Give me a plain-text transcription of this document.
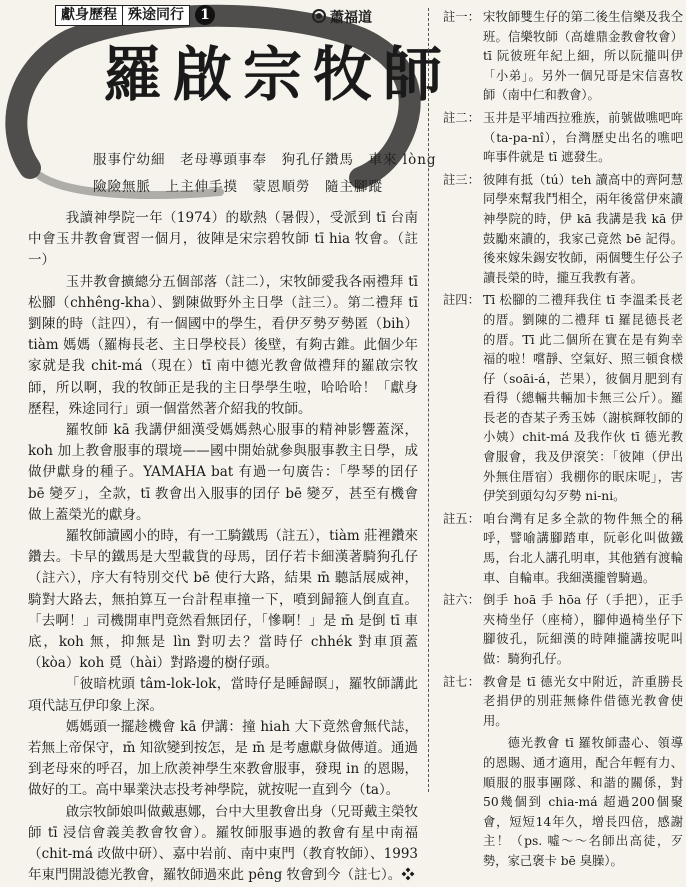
獻身歷程 殊途同行	1	蕭福道
羅啟宗牧師
服事佇幼細　老母導頭事奉　狗孔仔鑽馬　車來 lòng
險險無脈　上主伸手摸　蒙恩順勞　隨主腳蹤

我讀神學院一年（1974）的歇熱（暑假），受派到 tī 台南中會玉井教會實習一個月，彼陣是宋宗碧牧師 tī hia 牧會。（註一）

玉井教會擴總分五個部落（註二），宋牧師愛我各兩禮拜 tī 松腳（chhêng-kha）、劉陳做野外主日學（註三）。第二禮拜 tī 劉陳的時（註四），有一個國中的學生，看伊歹勢歹勢匿（bih）tiàm 媽媽（羅梅長老、主日學校長）後壁，有夠古錐。此個少年家就是我 chit-má（現在）tī 南中德光教會做禮拜的羅啟宗牧師，所以啊，我的牧師正是我的主日學學生啦，哈哈哈！「獻身歷程，殊途同行」頭一個當然著介紹我的牧師。

羅牧師 kā 我講伊細漢受媽媽熱心服事的精神影響蓋深，koh 加上教會服事的環境——國中開始就參與服事教主日學，成做伊獻身的種子。YAMAHA bat 有過一句廣告：「學琴的囝仔 bē 變歹」，全款，tī 教會出入服事的囝仔 bē 變歹，甚至有機會做上蓋榮光的獻身。

羅牧師讀國小的時，有一工騎鐵馬（註五），tiàm 莊裡鑽來鑽去。卡早的鐵馬是大型載貨的母馬，囝仔若卡細漢著騎狗孔仔（註六），序大有特別交代 bē 使行大路，結果 m̄ 聽話展威神，騎對大路去，無拍算互一台計程車撞一下，噴到歸箍人倒直直。「去啊！」司機開車門竟然看無囝仔，「慘啊！」是 m̄ 是倒 tī 車底，koh 無，抑無是 lìn 對叨去？當時仔 chhék 對車頂蓋（kòa）koh 覓（hài）對路邊的樹仔頭。

「彼暗枕頭 tâm-lok-lok，當時仔是睡歸暝」，羅牧師講此項代誌互伊印象上深。

媽媽頭一擺趁機會 kā 伊講：撞 hiah 大下竟然會無代誌，若無上帝保守，m̄ 知欲變到按怎，是 m̄ 是考慮獻身做傳道。通過到老母來的呼召，加上欣羨神學生來教會服事，發現 in 的恩賜，做好的工。高中畢業決志投考神學院，就按呢一直到今（ta）。

啟宗牧師娘叫做戴惠娜，台中大里教會出身（兄哥戴主榮牧師 tī 浸信會義美教會牧會）。羅牧師服事過的教會有星中南福（chit-má 改做中研）、嘉中岩前、南中東門（教育牧師）、1993年東門開設德光教會，羅牧師過來此 pêng 牧會到今（註七）。❖

註一： 宋牧師雙生仔的第二後生信樂及我仝班。信樂牧師（高雄鼎金教會牧會）tī 阮彼班年紀上細，所以阮攏叫伊「小弟」。另外一個兄哥是宋信喜牧師（南中仁和教會）。
註二： 玉井是平埔西拉雅族，前號做噍吧哖（ta-pa-nî），台灣歷史出名的噍吧哖事件就是 tī 遮發生。
註三： 彼陣有抵（tú）teh 讀高中的齊阿慧同學來幫我鬥相仝，兩年後當伊來讀神學院的時，伊 kā 我講是我 kā 伊鼓勵來讀的，我家己竟然 bē 記得。後來嫁朱錫安牧師，兩個雙生仔公子讀長榮的時，攏互我教有著。
註四： Tī 松腳的二禮拜我住 tī 李溫柔長老的厝。劉陳的二禮拜 tī 羅昆德長老的厝。Tī 此二個所在實在是有夠幸福的啦！嚐靜、空氣好、照三頓食檨仔（soāi-á，芒果），彼個月肥到有看得（總輛共輛加卡無三公斤）。羅長老的杳某子秀玉姊（謝槟輝牧師的小姨）chit-má 及我作伙 tī 德光教會服會，我及伊滾笑：「彼陣（伊出外無住厝宿）我棚你的眠床呢」，害伊笑到頭勾勾歹勢 ni-ni。
註五： 咱台灣有足多全款的物件無仝的稱呼，譬喻講腳踏車，阮彰化叫做鐵馬，台北人講孔明車，其他猶有渡輪車、自輪車。我細漢攏曾騎過。
註六： 倒手 hoā 手 hōa 仔（手把），正手夾椅坐仔（座椅），腳伸過椅坐仔下腳彼孔，阮細漢的時陣攏講按呢叫做：騎狗孔仔。
註七： 教會是 tī 德光女中附近，許重勝長老捐伊的別莊無條件借德光教會使用。
德光教會 tī 羅牧師盡心、領導的恩賜、通才適用，配合年輕有力、順服的服事團隊、和諧的關係，對50幾個到 chia-má 超過200個聚會，短短14年久，增長四倍，感謝主！（ps. 噓～～名師出高徒，歹勢，家己褒卡 bē 臭臊）。
